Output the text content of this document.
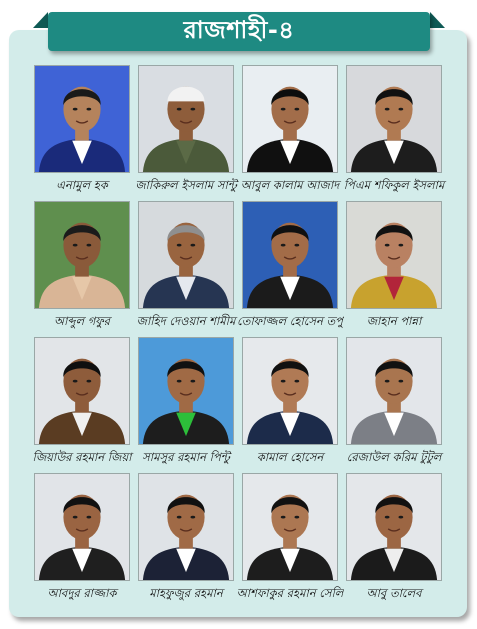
রাজশাহী-৪
এনামুল হক	জাকিরুল ইসলাম সান্টু আবুল কালাম আজাদ পিএম শফিকুল ইসলাম
আব্দুল গফুর	জাহিদ দেওয়ান শামীম তোফাজ্জল হোসেন তপু	জাহান পান্না
জিয়াউর রহমান জিয়া সামসুর রহমান পিন্টু	কামাল হোসেন	রেজাউল করিম টুটুল
আবদুর রাজ্জাক	মাহফুজুর রহমান	আশফাকুর রহমান সেলি	আবু তালেব
